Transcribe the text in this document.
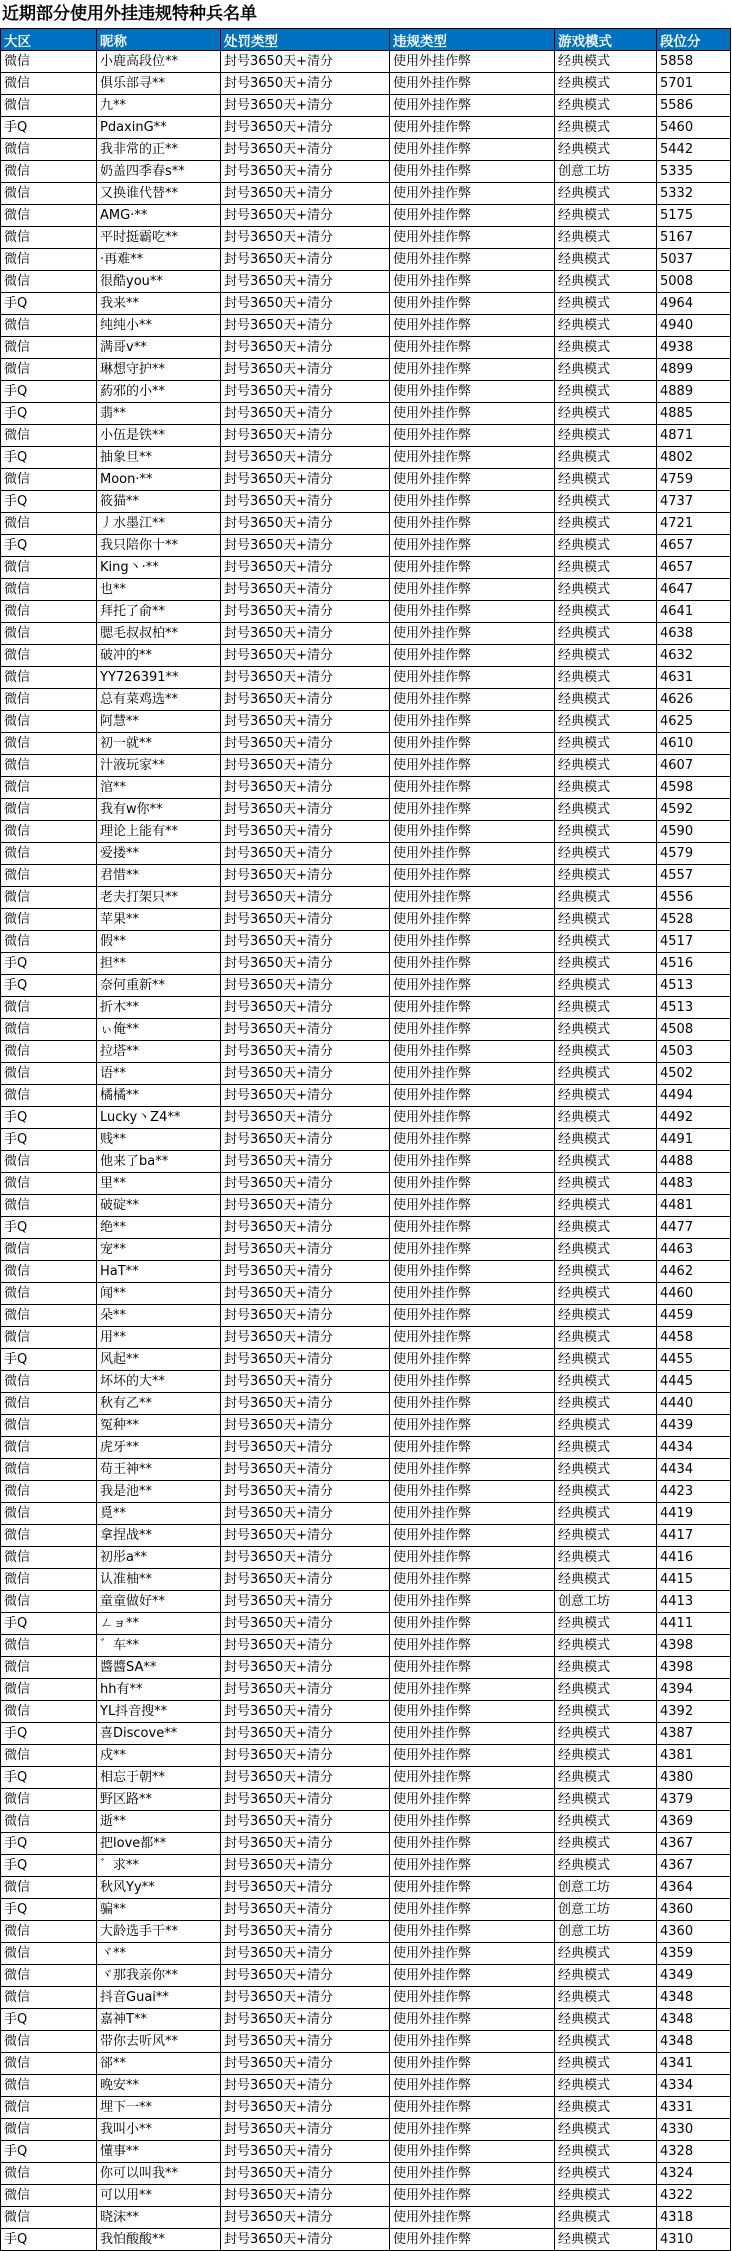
近期部分使用外挂违规特种兵名单
大区	昵称	处罚类型	违规类型	游戏模式	段位分
微信	小鹿高段位**	封号3650天+清分	使用外挂作弊	经典模式	5858
微信	俱乐部寻**	封号3650天+清分	使用外挂作弊	经典模式	5701
微信	九**	封号3650天+清分	使用外挂作弊	经典模式	5586
手Q	PdaxinG**	封号3650天+清分	使用外挂作弊	经典模式	5460
微信	我非常的正**	封号3650天+清分	使用外挂作弊	经典模式	5442
微信	奶盖四季春s**	封号3650天+清分	使用外挂作弊	创意工坊	5335
微信	又换谁代替**	封号3650天+清分	使用外挂作弊	经典模式	5332
微信	AMG·**	封号3650天+清分	使用外挂作弊	经典模式	5175
微信	平时挺霸吃**	封号3650天+清分	使用外挂作弊	经典模式	5167
微信	·再难**	封号3650天+清分	使用外挂作弊	经典模式	5037
微信	很酷you**	封号3650天+清分	使用外挂作弊	经典模式	5008
手Q	我来**	封号3650天+清分	使用外挂作弊	经典模式	4964
微信	纯纯小**	封号3650天+清分	使用外挂作弊	经典模式	4940
微信	满哥v**	封号3650天+清分	使用外挂作弊	经典模式	4938
微信	琳想守护**	封号3650天+清分	使用外挂作弊	经典模式	4899
手Q	葯邪的小**	封号3650天+清分	使用外挂作弊	经典模式	4889
手Q	翡**	封号3650天+清分	使用外挂作弊	经典模式	4885
微信	小伍是铁**	封号3650天+清分	使用外挂作弊	经典模式	4871
手Q	抽象旦**	封号3650天+清分	使用外挂作弊	经典模式	4802
微信	Moon·**	封号3650天+清分	使用外挂作弊	经典模式	4759
手Q	筱猫**	封号3650天+清分	使用外挂作弊	经典模式	4737
微信	丿水墨江**	封号3650天+清分	使用外挂作弊	经典模式	4721
手Q	我只陪你十**	封号3650天+清分	使用外挂作弊	经典模式	4657
微信	King丶·**	封号3650天+清分	使用外挂作弊	经典模式	4657
微信	也**	封号3650天+清分	使用外挂作弊	经典模式	4647
微信	拜托了俞**	封号3650天+清分	使用外挂作弊	经典模式	4641
微信	腮毛叔叔柏**	封号3650天+清分	使用外挂作弊	经典模式	4638
微信	破冲的**	封号3650天+清分	使用外挂作弊	经典模式	4632
微信	YY726391**	封号3650天+清分	使用外挂作弊	经典模式	4631
微信	总有菜鸡选**	封号3650天+清分	使用外挂作弊	经典模式	4626
微信	阿慧**	封号3650天+清分	使用外挂作弊	经典模式	4625
微信	初一就**	封号3650天+清分	使用外挂作弊	经典模式	4610
微信	汁液玩家**	封号3650天+清分	使用外挂作弊	经典模式	4607
微信	涫**	封号3650天+清分	使用外挂作弊	经典模式	4598
微信	我有w你**	封号3650天+清分	使用外挂作弊	经典模式	4592
微信	理论上能有**	封号3650天+清分	使用外挂作弊	经典模式	4590
微信	爱搂**	封号3650天+清分	使用外挂作弊	经典模式	4579
微信	君惜**	封号3650天+清分	使用外挂作弊	经典模式	4557
微信	老夫打架只**	封号3650天+清分	使用外挂作弊	经典模式	4556
微信	苹果**	封号3650天+清分	使用外挂作弊	经典模式	4528
微信	假**	封号3650天+清分	使用外挂作弊	经典模式	4517
手Q	担**	封号3650天+清分	使用外挂作弊	经典模式	4516
手Q	奈何重新**	封号3650天+清分	使用外挂作弊	经典模式	4513
微信	折木**	封号3650天+清分	使用外挂作弊	经典模式	4513
微信	ぃ俺**	封号3650天+清分	使用外挂作弊	经典模式	4508
微信	拉塔**	封号3650天+清分	使用外挂作弊	经典模式	4503
微信	语**	封号3650天+清分	使用外挂作弊	经典模式	4502
微信	橘橘**	封号3650天+清分	使用外挂作弊	经典模式	4494
手Q	Lucky丶Z4**	封号3650天+清分	使用外挂作弊	经典模式	4492
手Q	贱**	封号3650天+清分	使用外挂作弊	经典模式	4491
微信	他来了ba**	封号3650天+清分	使用外挂作弊	经典模式	4488
微信	里**	封号3650天+清分	使用外挂作弊	经典模式	4483
微信	破碇**	封号3650天+清分	使用外挂作弊	经典模式	4481
手Q	绝**	封号3650天+清分	使用外挂作弊	经典模式	4477
微信	宠**	封号3650天+清分	使用外挂作弊	经典模式	4463
微信	HaT**	封号3650天+清分	使用外挂作弊	经典模式	4462
微信	闻**	封号3650天+清分	使用外挂作弊	经典模式	4460
微信	朵**	封号3650天+清分	使用外挂作弊	经典模式	4459
微信	用**	封号3650天+清分	使用外挂作弊	经典模式	4458
手Q	风起**	封号3650天+清分	使用外挂作弊	经典模式	4455
微信	坏坏的大**	封号3650天+清分	使用外挂作弊	经典模式	4445
微信	秋有乙**	封号3650天+清分	使用外挂作弊	经典模式	4440
微信	冤种**	封号3650天+清分	使用外挂作弊	经典模式	4439
微信	虎牙**	封号3650天+清分	使用外挂作弊	经典模式	4434
微信	苟王神**	封号3650天+清分	使用外挂作弊	经典模式	4434
微信	我是池**	封号3650天+清分	使用外挂作弊	经典模式	4423
微信	覓**	封号3650天+清分	使用外挂作弊	经典模式	4419
微信	拿捏战**	封号3650天+清分	使用外挂作弊	经典模式	4417
微信	初彤a**	封号3650天+清分	使用外挂作弊	经典模式	4416
微信	认准柚**	封号3650天+清分	使用外挂作弊	经典模式	4415
微信	童童做好**	封号3650天+清分	使用外挂作弊	创意工坊	4413
手Q	ㄥョ**	封号3650天+清分	使用外挂作弊	经典模式	4411
微信	゛车**	封号3650天+清分	使用外挂作弊	经典模式	4398
微信	醬醬SA**	封号3650天+清分	使用外挂作弊	经典模式	4398
微信	hh有**	封号3650天+清分	使用外挂作弊	经典模式	4394
微信	YL抖音搜**	封号3650天+清分	使用外挂作弊	经典模式	4392
手Q	喜Discove**	封号3650天+清分	使用外挂作弊	经典模式	4387
微信	戍**	封号3650天+清分	使用外挂作弊	经典模式	4381
手Q	相忘于朝**	封号3650天+清分	使用外挂作弊	经典模式	4380
微信	野区路**	封号3650天+清分	使用外挂作弊	经典模式	4379
微信	逝**	封号3650天+清分	使用外挂作弊	经典模式	4369
手Q	把love都**	封号3650天+清分	使用外挂作弊	经典模式	4367
手Q	゛求**	封号3650天+清分	使用外挂作弊	经典模式	4367
微信	秋风Yy**	封号3650天+清分	使用外挂作弊	创意工坊	4364
手Q	骗**	封号3650天+清分	使用外挂作弊	创意工坊	4360
微信	大龄选手干**	封号3650天+清分	使用外挂作弊	创意工坊	4360
微信	ヾ**	封号3650天+清分	使用外挂作弊	经典模式	4359
微信	ヾ那我亲你**	封号3650天+清分	使用外挂作弊	经典模式	4349
微信	抖音Guai**	封号3650天+清分	使用外挂作弊	经典模式	4348
手Q	嘉神T**	封号3650天+清分	使用外挂作弊	经典模式	4348
微信	带你去听风**	封号3650天+清分	使用外挂作弊	经典模式	4348
微信	郤**	封号3650天+清分	使用外挂作弊	经典模式	4341
微信	晚安**	封号3650天+清分	使用外挂作弊	经典模式	4334
微信	埋下一**	封号3650天+清分	使用外挂作弊	经典模式	4331
微信	我叫小**	封号3650天+清分	使用外挂作弊	经典模式	4330
手Q	懂事**	封号3650天+清分	使用外挂作弊	经典模式	4328
微信	你可以叫我**	封号3650天+清分	使用外挂作弊	经典模式	4324
微信	可以用**	封号3650天+清分	使用外挂作弊	经典模式	4322
微信	晓沫**	封号3650天+清分	使用外挂作弊	经典模式	4318
手Q	我怕酸酸**	封号3650天+清分	使用外挂作弊	经典模式	4310
